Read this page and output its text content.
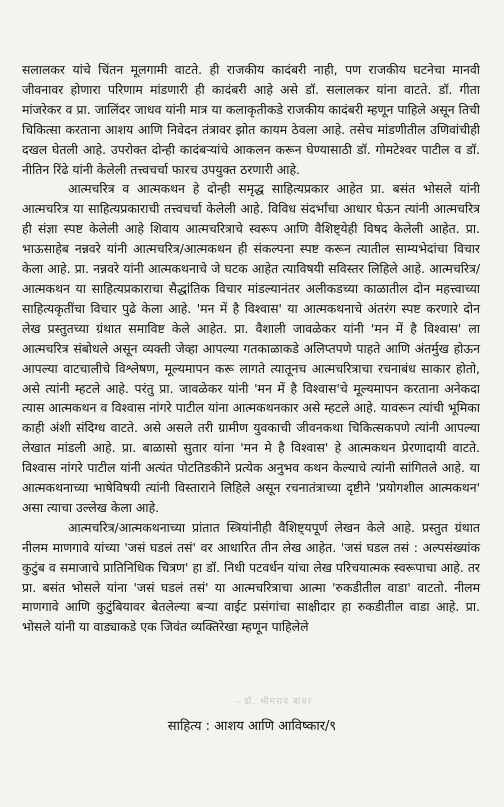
सलालकर यांचे चिंतन मूलगामी वाटते. ही राजकीय कादंबरी नाही, पण राजकीय घटनेचा मानवी जीवनावर होणारा परिणाम मांडणारी ही कादंबरी आहे असे डॉ. सलालकर यांना वाटते. डॉ. गीता मांजरेकर व प्रा. जालिंदर जाधव यांनी मात्र या कलाकृतीकडे राजकीय कादंबरी म्हणून पाहिले असून तिची चिकित्सा करताना आशय आणि निवेदन तंत्रावर झोत कायम ठेवला आहे. तसेच मांडणीतील उणिवांचीही दखल घेतली आहे. उपरोक्त दोन्ही कादंबऱ्यांचे आकलन करून घेण्यासाठी डॉ. गोमटेश्वर पाटील व डॉ. नीतिन रिंढे यांनी केलेली तत्त्वचर्चा फारच उपयुक्त ठरणारी आहे.

आत्मचरित्र व आत्मकथन हे दोन्ही समृद्ध साहित्यप्रकार आहेत प्रा. बसंत भोसले यांनी आत्मचरित्र या साहित्यप्रकाराची तत्त्वचर्चा केलेली आहे. विविध संदर्भांचा आधार घेऊन त्यांनी आत्मचरित्र ही संज्ञा स्पष्ट केलेली आहे शिवाय आत्मचरित्राचे स्वरूप आणि वैशिष्ट्येही विषद केलेली आहेत. प्रा. भाऊसाहेब नन्नवरे यांनी आत्मचरित्र/आत्मकथन ही संकल्पना स्पष्ट करून त्यातील साम्यभेदांचा विचार केला आहे. प्रा. नन्नवरे यांनी आत्मकथनाचे जे घटक आहेत त्याविषयी सविस्तर लिहिले आहे. आत्मचरित्र/आत्मकथन या साहित्यप्रकाराचा सैद्धांतिक विचार मांडल्यानंतर अलीकडच्या काळातील दोन महत्त्वाच्या साहित्यकृतींचा विचार पुढे केला आहे. 'मन में है विश्वास' या आत्मकथनाचे अंतरंग स्पष्ट करणारे दोन लेख प्रस्तुतच्या ग्रंथात समाविष्ट केले आहेत. प्रा. वैशाली जावळेकर यांनी 'मन में है विश्वास' ला आत्मचरित्र संबोधले असून व्यक्ती जेव्हा आपल्या गतकाळाकडे अलिप्तपणे पाहते आणि अंतर्मुख होऊन आपल्या वाटचालीचे विश्लेषण, मूल्यमापन करू लागते त्यातूनच आत्मचरित्राचा रचनाबंध साकार होतो, असे त्यांनी म्हटले आहे. परंतु प्रा. जावळेकर यांनी 'मन में है विश्वास'चे मूल्यमापन करताना अनेकदा त्यास आत्मकथन व विश्वास नांगरे पाटील यांना आत्मकथनकार असे म्हटले आहे. यावरून त्यांची भूमिका काही अंशी संदिग्ध वाटते. असे असले तरी ग्रामीण युवकाची जीवनकथा चिकित्सकपणे त्यांनी आपल्या लेखात मांडली आहे. प्रा. बाळासो सुतार यांना 'मन मे है विश्वास' हे आत्मकथन प्रेरणादायी वाटते. विश्वास नांगरे पाटील यांनी अत्यंत पोटतिडकीने प्रत्येक अनुभव कथन केल्याचे त्यांनी सांगितले आहे. या आत्मकथनाच्या भाषेविषयी त्यांनी विस्ताराने लिहिले असून रचनातंत्राच्या दृष्टीने 'प्रयोगशील आत्मकथन' असा त्याचा उल्लेख केला आहे.

आत्मचरित्र/आत्मकथनाच्या प्रांतात स्त्रियांनीही वैशिष्ट्यपूर्ण लेखन केले आहे. प्रस्तुत ग्रंथात नीलम माणगावे यांच्या 'जसं घडलं तसं' वर आधारित तीन लेख आहेत. 'जसं घडल तसं : अल्पसंख्यांक कुटुंब व समाजाचे प्रातिनिधिक चित्रण' हा डॉ. निधी पटवर्धन यांचा लेख परिचयात्मक स्वरूपाचा आहे. तर प्रा. बसंत भोसले यांना 'जसं घडलं तसं' या आत्मचरित्राचा आत्मा 'रुकडीतील वाडा' वाटतो. नीलम माणगावे आणि कुटुंबियावर बेतलेल्या बऱ्या वाईट प्रसंगांचा साक्षीदार हा रुकडीतील वाडा आहे. प्रा. भोसले यांनी या वाड्याकडे एक जिवंत व्यक्तिरेखा म्हणून पाहिलेले

- डॉ. भीमराव बाबर
साहित्य : आशय आणि आविष्कार/९
